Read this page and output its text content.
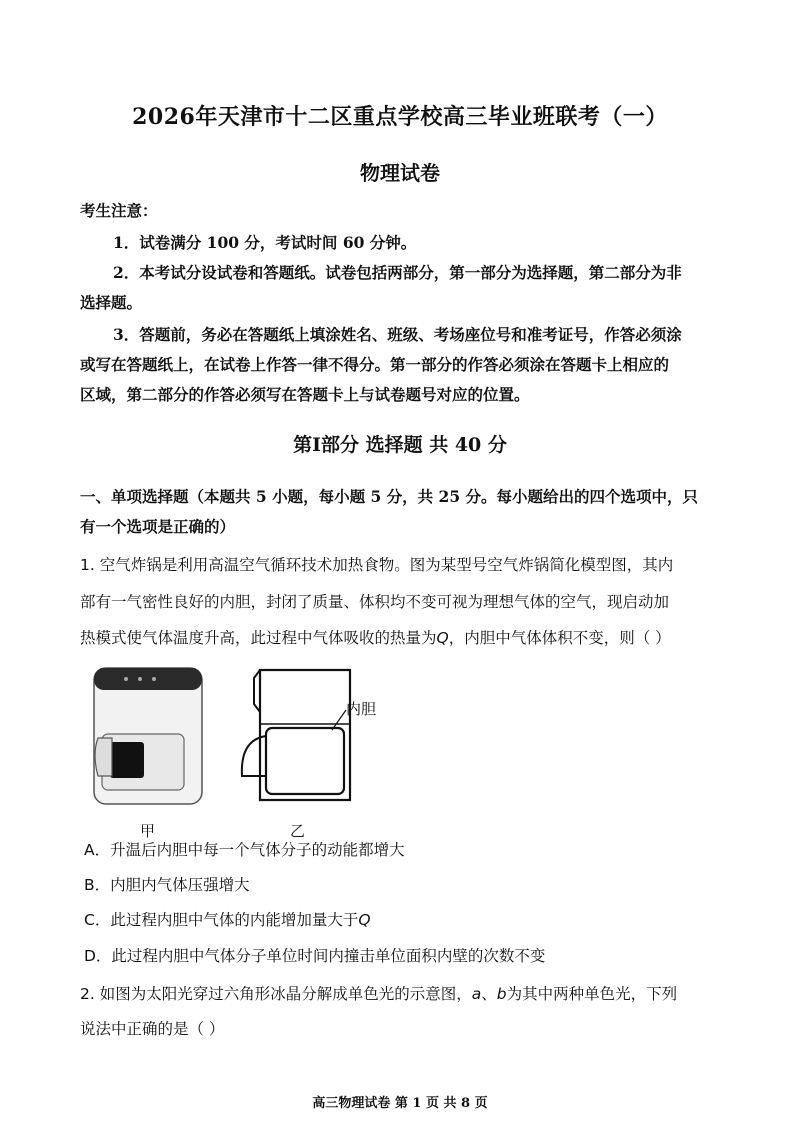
2026年天津市十二区重点学校高三毕业班联考（一）
物理试卷
考生注意：
1．试卷满分 100 分，考试时间 60 分钟。
2．本考试分设试卷和答题纸。试卷包括两部分，第一部分为选择题，第二部分为非
选择题。
3．答题前，务必在答题纸上填涂姓名、班级、考场座位号和准考证号，作答必须涂
或写在答题纸上，在试卷上作答一律不得分。第一部分的作答必须涂在答题卡上相应的
区域，第二部分的作答必须写在答题卡上与试卷题号对应的位置。
第Ⅰ部分 选择题 共 40 分
一、单项选择题（本题共 5 小题，每小题 5 分，共 25 分。每小题给出的四个选项中，只
有一个选项是正确的）
1. 空气炸锅是利用高温空气循环技术加热食物。图为某型号空气炸锅简化模型图，其内
部有一气密性良好的内胆，封闭了质量、体积均不变可视为理想气体的空气，现启动加
热模式使气体温度升高，此过程中气体吸收的热量为Q，内胆中气体体积不变，则（ ）
甲
内胆
乙
A．升温后内胆中每一个气体分子的动能都增大
B．内胆内气体压强增大
C．此过程内胆中气体的内能增加量大于Q
D．此过程内胆中气体分子单位时间内撞击单位面积内壁的次数不变
2. 如图为太阳光穿过六角形冰晶分解成单色光的示意图，a、b为其中两种单色光，下列
说法中正确的是（ ）
高三物理试卷 第 1 页 共 8 页
